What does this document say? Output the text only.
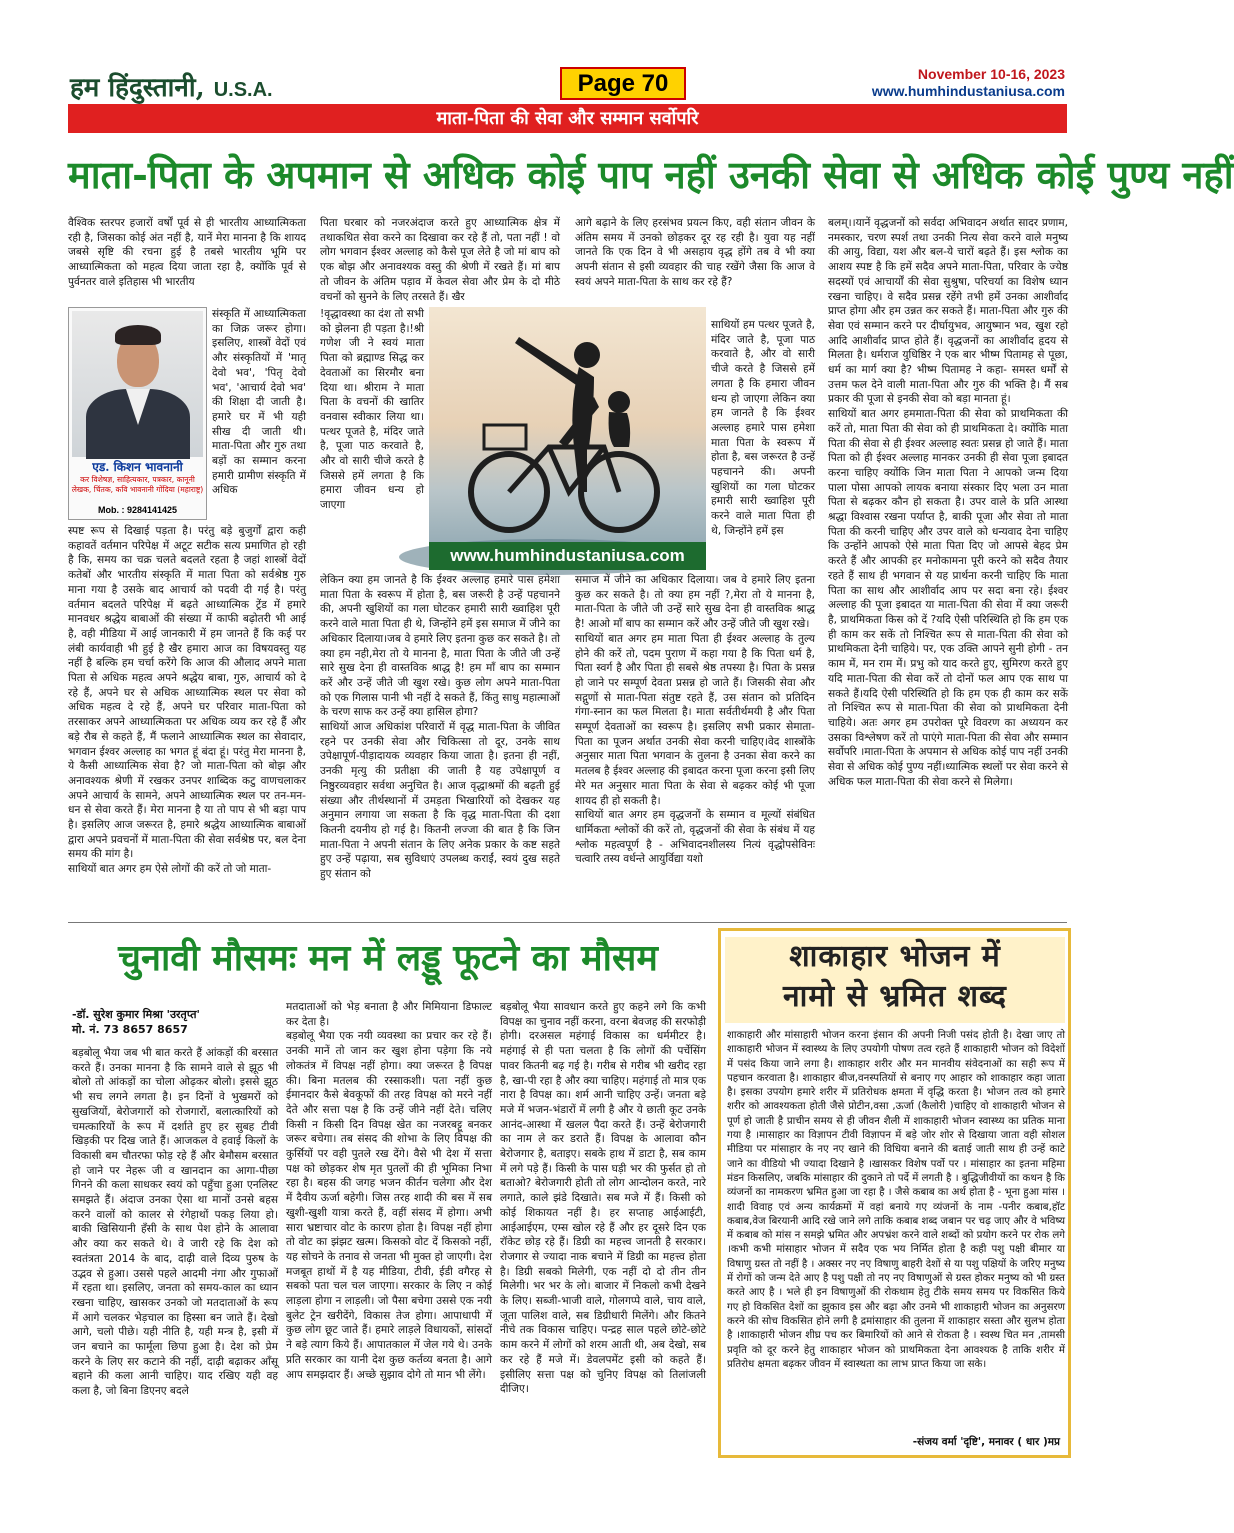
हम हिंदुस्तानी, U.S.A.	Page 70	November 10-16, 2023
www.humhindustaniusa.com
माता-पिता की सेवा और सम्मान सर्वोपरि
माता-पिता के अपमान से अधिक कोई पाप नहीं उनकी सेवा से अधिक कोई पुण्य नहीं
वैश्विक स्तरपर हजारों वर्षों पूर्व से ही भारतीय आध्यात्मिकता रही है, जिसका कोई अंत नहीं है, यानें मेरा मानना है कि शायद जबसे सृष्टि की रचना हुई है तबसे भारतीय भूमि पर आध्यात्मिकता को महत्व दिया जाता रहा है, क्योंकि पूर्व से पुर्वनतर वाले इतिहास भी भारतीय
एड. किशन भावनानी
कर विशेषज्ञ, साहित्यकार, पत्रकार, कानूनी लेखक, चिंतक, कवि भावनानी गोंदिया (महाराष्ट्र)
Mob. : 9284141425
संस्कृति में आध्यात्मिकता का जिक्र जरूर होगा। इसलिए, शास्त्रों वेदों एवं और संस्कृतियों में 'मातृ देवो भव', 'पितृ देवो भव', 'आचार्य देवो भव' की शिक्षा दी जाती है। हमारे घर में भी यही सीख दी जाती थी। माता-पिता और गुरु तथा बड़ों का सम्मान करना हमारी ग्रामीण संस्कृति में अधिक
स्पष्ट रूप से दिखाई पड़ता है। परंतु बड़े बुजुर्गों द्वारा कही कहावतें वर्तमान परिपेक्ष में अटूट सटीक सत्य प्रमाणित हो रही है कि, समय का चक्र चलते बदलते रहता है जहां शास्त्रों वेदों कतेबों और भारतीय संस्कृति में माता पिता को सर्वश्रेष्ठ गुरु माना गया है उसके बाद आचार्य को पदवी दी गई है। परंतु वर्तमान बदलते परिपेक्ष में बढ़ते आध्यात्मिक ट्रेंड में हमारे मानवधर श्रद्धेय बाबाओं की संख्या में काफी बढ़ोतरी भी आई है, वही मीडिया में आई जानकारी में हम जानते हैं कि कई पर लंबी कार्यवाही भी हुई है खैर हमारा आज का विषयवस्तु यह नहीं है बल्कि हम चर्चा करेंगे कि आज की औलाद अपने माता पिता से अधिक महत्व अपने श्रद्धेय बाबा, गुरु, आचार्य को दे रहे हैं, अपने घर से अधिक आध्यात्मिक स्थल पर सेवा को अधिक महत्व दे रहे हैं, अपने घर परिवार माता-पिता को तरसाकर अपने आध्यात्मिकता पर अधिक व्यय कर रहे हैं और बड़े रौब से कहते हैं, मैं फलाने आध्यात्मिक स्थल का सेवादार, भगवान ईश्वर अल्लाह का भगत हूं बंदा हूं। परंतु मेरा मानना है, ये कैसी आध्यात्मिक सेवा है? जो माता-पिता को बोझ और अनावश्यक श्रेणी में रखकर उनपर शाब्दिक कटु वाणचलाकर अपने आचार्य के सामने, अपने आध्यात्मिक स्थल पर तन-मन-धन से सेवा करते हैं। मेरा मानना है या तो पाप से भी बड़ा पाप है। इसलिए आज जरूरत है, हमारे श्रद्धेय आध्यात्मिक बाबाओं द्वारा अपने प्रवचनों में माता-पिता की सेवा सर्वश्रेष्ठ पर, बल देना समय की मांग है।
साथियों बात अगर हम ऐसे लोगों की करें तो जो माता-
पिता घरबार को नजरअंदाज करते हुए आध्यात्मिक क्षेत्र में तथाकथित सेवा करने का दिखावा कर रहे हैं तो, पता नहीं ! वो लोग भगवान ईश्वर अल्लाह को कैसे पूज लेते है जो मां बाप को एक बोझ और अनावश्यक वस्तु की श्रेणी में रखते हैं। मां बाप तो जीवन के अंतिम पड़ाव में केवल सेवा और प्रेम के दो मीठे वचनों को सुनने के लिए तरसते हैं। खैर
!वृद्धावस्था का दंश तो सभी को झेलना ही पड़ता है।!श्री गणेश जी ने स्वयं माता पिता को ब्रह्माण्ड सिद्ध कर देवताओं का सिरमौर बना दिया था। श्रीराम ने माता पिता के वचनों की खातिर वनवास स्वीकार लिया था। पत्थर पूजते है, मंदिर जाते है, पूजा पाठ करवाते है, और वो सारी चीजे करते है जिससे हमें लगता है कि हमारा जीवन धन्य हो जाएगा
लेकिन क्या हम जानते है कि ईश्वर अल्लाह हमारे पास हमेशा माता पिता के स्वरूप में होता है, बस जरूरी है उन्हें पहचानने की, अपनी खुशियों का गला घोटकर हमारी सारी ख्वाहिश पूरी करने वाले माता पिता ही थे, जिन्होंने हमें इस समाज में जीने का अधिकार दिलाया।जब वे हमारे लिए इतना कुछ कर सकते है। तो क्या हम नही,मेरा तो ये मानना है, माता पिता के जीते जी उन्हें सारे सुख देना ही वास्तविक श्राद्ध है! हम माँ बाप का सम्मान करें और उन्हें जीते जी खुश रखे। कुछ लोग अपने माता-पिता को एक गिलास पानी भी नहीं दे सकते हैं, किंतु साधु महात्माओं के चरण साफ कर उन्हें क्या हासिल होगा?
साथियों आज अधिकांश परिवारों में वृद्ध माता-पिता के जीवित रहने पर उनकी सेवा और चिकित्सा तो दूर, उनके साथ उपेक्षापूर्ण-पीड़ादायक व्यवहार किया जाता है। इतना ही नहीं, उनकी मृत्यु की प्रतीक्षा की जाती है यह उपेक्षापूर्ण व निष्ठुरव्यवहार सर्वथा अनुचित है। आज वृद्धाश्रमों की बढ़ती हुई संख्या और तीर्थस्थानों में उमड़ता भिखारियों को देखकर यह अनुमान लगाया जा सकता है कि वृद्ध माता-पिता की दशा कितनी दयनीय हो गई है। कितनी लज्जा की बात है कि जिन माता-पिता ने अपनी संतान के लिए अनेक प्रकार के कष्ट सहते हुए उन्हें पढ़ाया, सब सुविधाएं उपलब्ध कराईं, स्वयं दुख सहते हुए संतान को
www.humhindustaniusa.com
आगे बढ़ाने के लिए हरसंभव प्रयत्न किए, वही संतान जीवन के अंतिम समय में उनको छोड़कर दूर रह रही है। युवा यह नहीं जानते कि एक दिन वे भी असहाय वृद्ध होंगे तब वे भी क्या अपनी संतान से इसी व्यवहार की चाह रखेंगे जैसा कि आज वे स्वयं अपने माता-पिता के साथ कर रहे हैं?
साथियों हम पत्थर पूजते है, मंदिर जाते है, पूजा पाठ करवाते है, और वो सारी चीजे करते है जिससे हमें लगता है कि हमारा जीवन धन्य हो जाएगा लेकिन क्या हम जानते है कि ईश्वर अल्लाह हमारे पास हमेशा माता पिता के स्वरूप में होता है, बस जरूरत है उन्हें पहचानने की। अपनी खुशियों का गला घोटकर हमारी सारी ख्वाहिश पूरी करने वाले माता पिता ही थे, जिन्होंने हमें इस
समाज में जीने का अधिकार दिलाया। जब वे हमारे लिए इतना कुछ कर सकते है। तो क्या हम नहीं ?,मेरा तो ये मानना है, माता-पिता के जीते जी उन्हें सारे सुख देना ही वास्तविक श्राद्ध है! आओ माँ बाप का सम्मान करें और उन्हें जीते जी खुश रखे।
साथियों बात अगर हम माता पिता ही ईश्वर अल्लाह के तुल्य होने की करें तो, पदम पुराण में कहा गया है कि पिता धर्म है, पिता स्वर्ग है और पिता ही सबसे श्रेष्ठ तपस्या है। पिता के प्रसन्न हो जाने पर सम्पूर्ण देवता प्रसन्न हो जाते हैं। जिसकी सेवा और सद्गुणों से माता-पिता संतुष्ट रहते हैं, उस संतान को प्रतिदिन गंगा-स्नान का फल मिलता है। माता सर्वतीर्थमयी है और पिता सम्पूर्ण देवताओं का स्वरूप है। इसलिए सभी प्रकार सेमाता-पिता का पूजन अर्थात उनकी सेवा करनी चाहिए।वेद शास्त्रोंके अनुसार माता पिता भगवान के तुलना है उनका सेवा करने का मतलब है ईश्वर अल्लाह की इबादत करना पूजा करना इसी लिए मेरे मत अनुसार माता पिता के सेवा से बढ़कर कोई भी पूजा शायद ही हो सकती है।
साथियों बात अगर हम वृद्धजनों के सम्मान व मूल्यों संबंधित धार्मिकता श्लोकों की करें तो, वृद्धजनों की सेवा के संबंध में यह श्लोक महत्वपूर्ण है - अभिवादनशीलस्य नित्यं वृद्धोपसेविनः चत्वारि तस्य वर्धन्ते आयुर्विद्या यशो
बलम्।।यानें वृद्धजनों को सर्वदा अभिवादन अर्थात सादर प्रणाम, नमस्कार, चरण स्पर्श तथा उनकी नित्य सेवा करने वाले मनुष्य की आयु, विद्या, यश और बल-ये चारों बढ़ते हैं। इस श्लोक का आशय स्पष्ट है कि हमें सदैव अपने माता-पिता, परिवार के ज्येष्ठ सदस्यों एवं आचार्यों की सेवा सुश्रुषा, परिचर्या का विशेष ध्यान रखना चाहिए। वे सदैव प्रसन्न रहेंगे तभी हमें उनका आशीर्वाद प्राप्त होगा और हम उन्नत कर सकते हैं। माता-पिता और गुरु की सेवा एवं सम्मान करने पर दीर्घायुभव, आयुष्मान भव, खुश रहो आदि आशीर्वाद प्राप्त होते हैं। वृद्धजनों का आशीर्वाद हृदय से मिलता है। धर्मराज युधिष्ठिर ने एक बार भीष्म पितामह से पूछा, धर्म का मार्ग क्या है? भीष्म पितामह ने कहा- समस्त धर्मों से उत्तम फल देने वाली माता-पिता और गुरु की भक्ति है। मैं सब प्रकार की पूजा से इनकी सेवा को बड़ा मानता हूं।
साथियों बात अगर हममाता-पिता की सेवा को प्राथमिकता की करें तो, माता पिता की सेवा को ही प्राथमिकता दे। क्योंकि माता पिता की सेवा से ही ईश्वर अल्लाह स्वतः प्रसन्न हो जाते हैं। माता पिता को ही ईश्वर अल्लाह मानकर उनकी ही सेवा पूजा इबादत करना चाहिए क्योंकि जिन माता पिता ने आपको जन्म दिया पाला पोसा आपको लायक बनाया संस्कार दिए भला उन माता पिता से बढ़कर कौन हो सकता है। उपर वाले के प्रति आस्था श्रद्धा विश्वास रखना पर्याप्त है, बाकी पूजा और सेवा तो माता पिता की करनी चाहिए और उपर वाले को धन्यवाद देना चाहिए कि उन्होंने आपको ऐसे माता पिता दिए जो आपसे बेहद प्रेम करते हैं और आपकी हर मनोकामना पूरी करने को सदैव तैयार रहते हैं साथ ही भगवान से यह प्रार्थना करनी चाहिए कि माता पिता का साथ और आशीर्वाद आप पर सदा बना रहे। ईश्वर अल्लाह की पूजा इबादत या माता-पिता की सेवा में क्या जरूरी है, प्राथमिकता किस को दें ?यदि ऐसी परिस्थिति हो कि हम एक ही काम कर सकें तो निश्चित रूप से माता-पिता की सेवा को प्राथमिकता देनी चाहिये। पर, एक उक्ति आपने सुनी होगी - तन काम में, मन राम में। प्रभु को याद करते हुए, सुमिरण करते हुए यदि माता-पिता की सेवा करें तो दोनों फल आप एक साथ पा सकते हैं।यदि ऐसी परिस्थिति हो कि हम एक ही काम कर सकें तो निश्चित रूप से माता-पिता की सेवा को प्राथमिकता देनी चाहिये। अतः अगर हम उपरोक्त पूरे विवरण का अध्ययन कर उसका विश्लेषण करें तो पाएंगे माता-पिता की सेवा और सम्मान सर्वोपरि ।माता-पिता के अपमान से अधिक कोई पाप नहीं उनकी सेवा से अधिक कोई पुण्य नहीं।ध्यात्मिक स्थलों पर सेवा करने से अधिक फल माता-पिता की सेवा करने से मिलेगा।
चुनावी मौसमः मन में लड्डू फूटने का मौसम
-डॉ. सुरेश कुमार मिश्रा 'उरतृप्त'
मो. नं. 73 8657 8657
बड़बोलू भैया जब भी बात करते हैं आंकड़ों की बरसात करते हैं। उनका मानना है कि सामने वाले से झूठ भी बोलो तो आंकड़ों का चोला ओढ़कर बोलो। इससे झूठ भी सच लगने लगता है। इन दिनों वे भुखमरों को सुखजियों, बेरोजगारों को रोजगारों, बलात्कारियों को चमत्कारियों के रूप में दर्शाते हुए हर सुबह टीवी खिड़की पर दिख जाते हैं। आजकल वे हवाई किलों के विकासी बम चौतरफा फोड़ रहे हैं और बेमौसम बरसात हो जाने पर नेहरू जी व खानदान का आगा-पीछा गिनने की कला साधकर स्वयं को पहुँचा हुआ एनलिस्ट समझते हैं। अंदाज उनका ऐसा था मानों उनसे बहस करने वालों को कालर से रंगेहाथों पकड़ लिया हो। बाकी खिसियानी हँसी के साथ पेश होने के आलावा और क्या कर सकते थे। वे जारी रहे कि देश को स्वतंत्रता 2014 के बाद, दाढ़ी वाले दिव्य पुरुष के उद्भव से हुआ। उससे पहले आदमी नंगा और गुफाओं में रहता था। इसलिए, जनता को समय-काल का ध्यान रखना चाहिए, खासकर उनको जो मतदाताओं के रूप में आगे चलकर भेड़चाल का हिस्सा बन जाते हैं। देखो आगे, चलो पीछे। यही नीति है, यही मन्त्र है, इसी में जन बचाने का फार्मूला छिपा हुआ है। देश को प्रेम करने के लिए सर कटाने की नहीं, दाढ़ी बढ़ाकर आँसू बहाने की कला आनी चाहिए। याद रखिए यही वह कला है, जो बिना डिएनए बदले
मतदाताओं को भेड़ बनाता है और मिमियाना डिफाल्ट कर देता है।
बड़बोलू भैया एक नयी व्यवस्था का प्रचार कर रहे हैं। उनकी मानें तो जान कर खुश होना पड़ेगा कि नये लोकतंत्र में विपक्ष नहीं होगा। क्या जरूरत है विपक्ष की। बिना मतलब की रस्साकशी। पता नहीं कुछ ईमानदार कैसे बेवकूफों की तरह विपक्ष को मरने नहीं देते और सत्ता पक्ष है कि उन्हें जीने नहीं देते। चलिए किसी न किसी दिन विपक्ष खेत का नजरबट्टू बनकर जरूर बचेगा। तब संसद की शोभा के लिए विपक्ष की कुर्सियों पर वही पुतले रख देंगे। वैसे भी देश में सत्ता पक्ष को छोड़कर शेष मृत पुतलों की ही भूमिका निभा रहा है। बहस की जगह भजन कीर्तन चलेगा और देश में दैवीय ऊर्जा बहेगी। जिस तरह शादी की बस में सब खुशी-खुशी यात्रा करते हैं, वहीं संसद में होगा। अभी सारा भ्रष्टाचार वोट के कारण होता है। विपक्ष नहीं होगा तो वोट का झंझट खत्म। किसको वोट दें किसको नहीं, यह सोचने के तनाव से जनता भी मुक्त हो जाएगी। देश मजबूत हाथों में है यह मीडिया, टीवी, ईडी वगैरह से सबको पता चल चल जाएगा। सरकार के लिए न कोई लाड़ला होगा न लाड़ली। जो पैसा बचेगा उससे एक नयी बुलेट ट्रेन खरीदेंगे, विकास तेज होगा। आपाधापी में कुछ लोग छूट जाते हैं। हमारे लाड़ले विधायकों, सांसदों ने बड़े त्याग किये हैं। आपातकाल में जेल गये थे। उनके प्रति सरकार का यानी देश कुछ कर्तव्य बनता है। आगे आप समझदार हैं। अच्छे सुझाव दोगे तो मान भी लेंगे।
बड़बोलू भैया सावधान करते हुए कहने लगे कि कभी विपक्ष का चुनाव नहीं करना, वरना बेवजह की सरफोड़ी होगी। दरअसल महंगाई विकास का धर्ममीटर है। महंगाई से ही पता चलता है कि लोगों की पर्चेसिंग पावर कितनी बढ़ गई है। गरीब से गरीब भी खरीद रहा है, खा-पी रहा है और क्या चाहिए। महंगाई तो मात्र एक नारा है विपक्ष का। शर्म आनी चाहिए उन्हें। जनता बड़े मजे में भजन-भंडारों में लगी है और ये छाती कूट उनके आनंद-आस्था में खलल पैदा करते हैं। उन्हें बेरोजगारी का नाम ले कर डराते हैं। विपक्ष के आलावा कौन बेरोजगार है, बताइए। सबके हाथ में डाटा है, सब काम में लगे पड़े हैं। किसी के पास घड़ी भर की फुर्सत हो तो बताओ? बेरोजगारी होती तो लोग आन्दोलन करते, नारे लगाते, काले झंडे दिखाते। सब मजे में हैं। किसी को कोई शिकायत नहीं है। हर सप्ताह आईआईटी, आईआईएम, एम्स खोल रहे हैं और हर दूसरे दिन एक रॉकेट छोड़ रहे हैं। डिग्री का महत्त्व जानती है सरकार। रोजगार से ज्यादा नाक बचाने में डिग्री का महत्त्व होता है। डिग्री सबको मिलेगी, एक नहीं दो दो तीन तीन मिलेगी। भर भर के लो। बाजार में निकलो कभी देखने के लिए। सब्जी-भाजी वाले, गोलगप्पे वाले, चाय वाले, जूता पालिश वाले, सब डिग्रीधारी मिलेंगे। और कितने नीचे तक विकास चाहिए। पन्द्रह साल पहले छोटे-छोटे काम करने में लोगों को शरम आती थी, अब देखो, सब कर रहे हैं मजे में। डेवलपमेंट इसी को कहते हैं। इसीलिए सत्ता पक्ष को चुनिए विपक्ष को तिलांजली दीजिए।
शाकाहार भोजन में
नामो से भ्रमित शब्द
शाकाहारी और मांसाहारी भोजन करना इंसान की अपनी निजी पसंद होती है। देखा जाए तो शाकाहारी भोजन में स्वास्थ्य के लिए उपयोगी पोषण तत्व रहते हैं शाकाहारी भोजन को विदेशों में पसंद किया जाने लगा है। शाकाहार शरीर और मन मानवीय संवेदनाओं का सही रूप में पहचान करवाता है। शाकाहार बीज,वनस्पतियों से बनाए गए आहार को शाकाहार कहा जाता है। इसका उपयोग हमारे शरीर में प्रतिरोधक क्षमता में वृद्धि करता है। भोजन तत्व को हमारे शरीर को आवश्यकता होती जैसे प्रोटीन,वसा ,ऊर्जा (कैलोरी )चाहिए वो शाकाहारी भोजन से पूर्ण हो जाती है प्राचीन समय से ही जीवन शैली में शाकाहारी भोजन स्वास्थ्य का प्रतिक माना गया है ।मासाहार का विज्ञापन टीवी विज्ञापन में बड़े जोर शोर से दिखाया जाता वही सोशल मीडिया पर मांसाहार के नए नए खाने की विधिया बनाने की बताई जाती साथ ही उन्हें काटे जाने का वीडियो भी ज्यादा दिखाने है ।खासकर विशेष पर्वो पर । मांसाहार का इतना महिमा मंडन किसलिए, जबकि मांसाहार की दुकाने तो पर्दे में लगती है । बुद्धिजीवीयों का कथन है कि व्यंजनों का नामकरण भ्रमित हुआ जा रहा है । जैसे कबाब का अर्थ होता है - भूना हुआ मांस । शादी विवाह एवं अन्य कार्यक्रमों में वहां बनाये गए व्यंजनों के नाम -पनीर कबाब,हॉट कबाब,वेज बिरयानी आदि रखे जाने लगे ताकि कबाब शब्द जबान पर चढ़ जाए और वे भविष्य में कबाब को मांस न समझे भ्रमित और अपभ्रंश करने वाले शब्दों को प्रयोग करने पर रोक लगे ।कभी कभी मांसाहार भोजन में सदैव एक भय निर्मित होता है कही पशु पक्षी बीमार या विषाणु ग्रस्त तो नहीं है । अक्सर नए नए विषाणु बाहरी देशों से या पशु पक्षियों के जरिए मनुष्य में रोगों को जन्म देते आए है पशु पक्षी तो नए नए विषाणुओं से ग्रस्त होकर मनुष्य को भी ग्रस्त करते आए है । भले ही इन विषाणुओं की रोकथाम हेतु टीके समय समय पर विकसित किये गए हो विकसित देशों का झुकाव इस और बढ़ा और उनमे भी शाकाहारी भोजन का अनुसरण करने की सोच विकसित होने लगी है द्रमांसाहार की तुलना में शाकाहार सस्ता और सुलभ होता है ।शाकाहारी भोजन शीघ्र पच कर बिमारियों को आने से रोकता है । स्वस्थ चित मन ,तामसी प्रवृति को दूर करने हेतु शाकाहार भोजन को प्राथमिकता देना आवश्यक है ताकि शरीर में प्रतिरोध क्षमता बढ़कर जीवन में स्वास्थता का लाभ प्राप्त किया जा सके।
-संजय वर्मा 'दृष्टि', मनावर ( धार )मप्र
